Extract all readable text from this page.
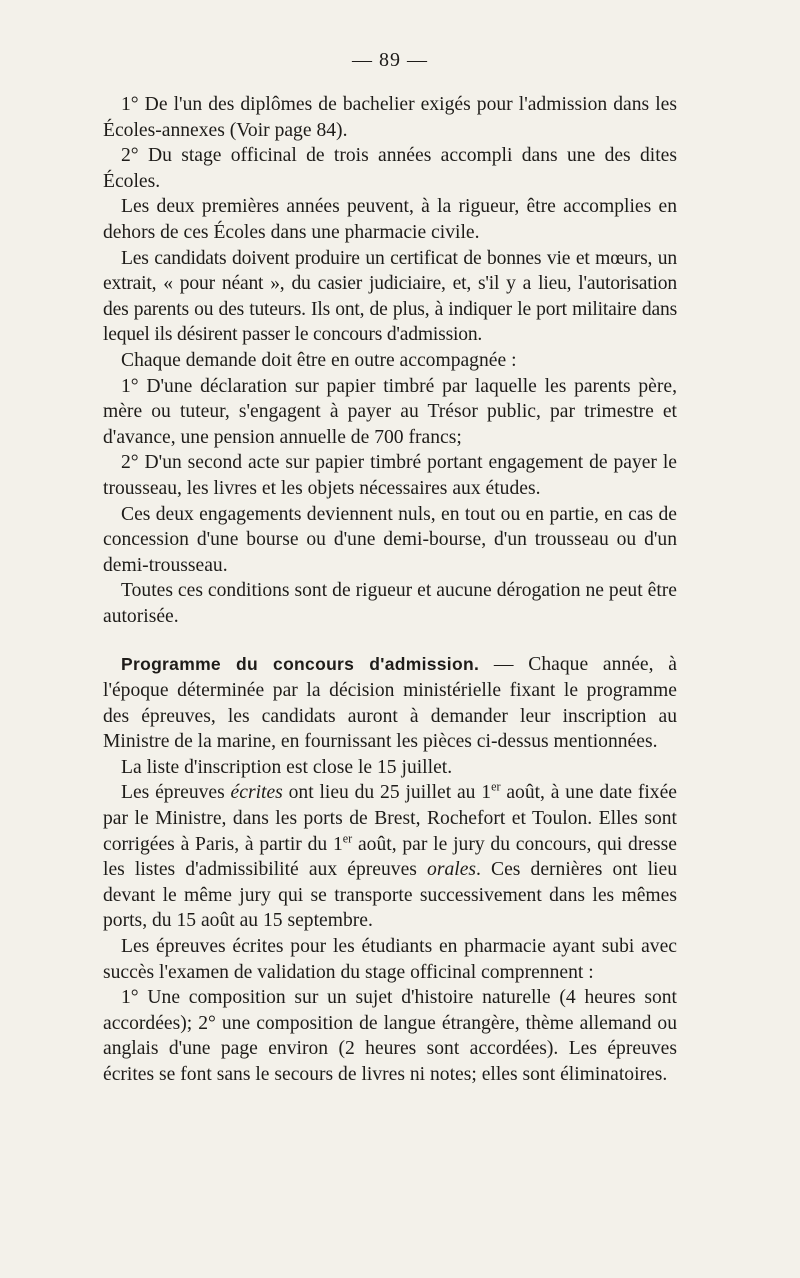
— 89 —

1° De l'un des diplômes de bachelier exigés pour l'admission dans les Écoles-annexes (Voir page 84).

2° Du stage officinal de trois années accompli dans une des dites Écoles.

Les deux premières années peuvent, à la rigueur, être accomplies en dehors de ces Écoles dans une pharmacie civile.

Les candidats doivent produire un certificat de bonnes vie et mœurs, un extrait, « pour néant », du casier judiciaire, et, s'il y a lieu, l'autorisation des parents ou des tuteurs. Ils ont, de plus, à indiquer le port militaire dans lequel ils désirent passer le concours d'admission.

Chaque demande doit être en outre accompagnée :

1° D'une déclaration sur papier timbré par laquelle les parents père, mère ou tuteur, s'engagent à payer au Trésor public, par trimestre et d'avance, une pension annuelle de 700 francs;

2° D'un second acte sur papier timbré portant engagement de payer le trousseau, les livres et les objets nécessaires aux études.

Ces deux engagements deviennent nuls, en tout ou en partie, en cas de concession d'une bourse ou d'une demi-bourse, d'un trousseau ou d'un demi-trousseau.

Toutes ces conditions sont de rigueur et aucune dérogation ne peut être autorisée.

Programme du concours d'admission. — Chaque année, à l'époque déterminée par la décision ministérielle fixant le programme des épreuves, les candidats auront à demander leur inscription au Ministre de la marine, en fournissant les pièces ci-dessus mentionnées.

La liste d'inscription est close le 15 juillet.

Les épreuves écrites ont lieu du 25 juillet au 1er août, à une date fixée par le Ministre, dans les ports de Brest, Rochefort et Toulon. Elles sont corrigées à Paris, à partir du 1er août, par le jury du concours, qui dresse les listes d'admissibilité aux épreuves orales. Ces dernières ont lieu devant le même jury qui se transporte successivement dans les mêmes ports, du 15 août au 15 septembre.

Les épreuves écrites pour les étudiants en pharmacie ayant subi avec succès l'examen de validation du stage officinal comprennent :

1° Une composition sur un sujet d'histoire naturelle (4 heures sont accordées); 2° une composition de langue étrangère, thème allemand ou anglais d'une page environ (2 heures sont accordées). Les épreuves écrites se font sans le secours de livres ni notes; elles sont éliminatoires.
